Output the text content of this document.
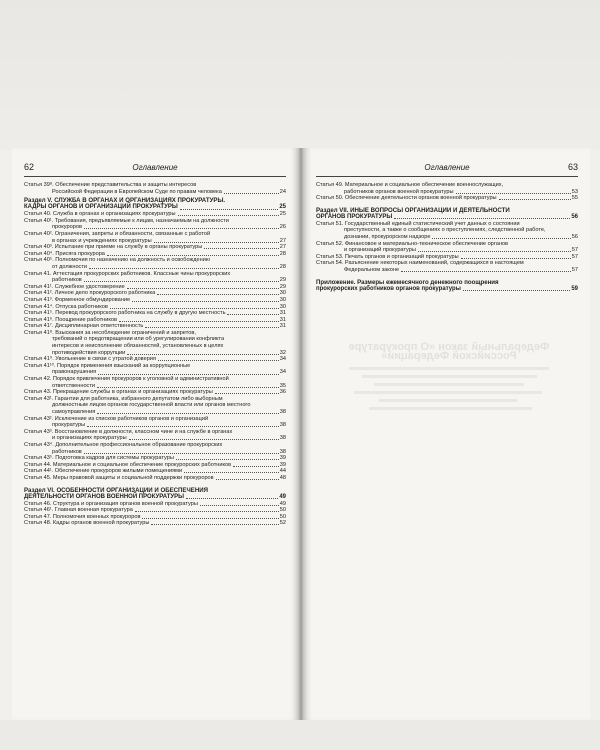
62	Оглавление
Статья 39⁸. Обеспечение представительства и защиты интересов
Российской Федерации в Европейском Суде по правам человека	24
Раздел V. СЛУЖБА В ОРГАНАХ И ОРГАНИЗАЦИЯХ ПРОКУРАТУРЫ.
КАДРЫ ОРГАНОВ И ОРГАНИЗАЦИЙ ПРОКУРАТУРЫ	25
Статья 40. Служба в органах и организациях прокуратуры	25
Статья 40¹. Требования, предъявляемые к лицам, назначаемым на должности
прокуроров	26
Статья 40². Ограничения, запреты и обязанности, связанные с работой
в органах и учреждениях прокуратуры	27
Статья 40³. Испытание при приеме на службу в органы прокуратуры	27
Статья 40⁴. Присяга прокурора	28
Статья 40⁵. Полномочия по назначению на должность и освобождению
от должности	28
Статья 41. Аттестация прокурорских работников. Классные чины прокурорских
работников	29
Статья 41¹. Служебное удостоверение	29
Статья 41². Личное дело прокурорского работника	30
Статья 41³. Форменное обмундирование	30
Статья 41⁴. Отпуска работников	30
Статья 41⁵. Перевод прокурорского работника на службу в другую местность	31
Статья 41⁶. Поощрение работников	31
Статья 41⁷. Дисциплинарная ответственность	31
Статья 41⁸. Взыскания за несоблюдение ограничений и запретов,
требований о предотвращении или об урегулировании конфликта
интересов и неисполнение обязанностей, установленных в целях
противодействия коррупции	32
Статья 41⁹. Увольнение в связи с утратой доверия	34
Статья 41¹⁰. Порядок применения взысканий за коррупционные
правонарушения	34
Статья 42. Порядок привлечения прокуроров к уголовной и административной
ответственности	35
Статья 43. Прекращение службы в органах и организациях прокуратуры	36
Статья 43¹. Гарантии для работника, избранного депутатом либо выборным
должностным лицом органов государственной власти или органов местного
самоуправления	38
Статья 43². Исключение из списков работников органов и организаций
прокуратуры	38
Статья 43³. Восстановление в должности, классном чине и на службе в органах
и организациях прокуратуры	38
Статья 43⁴. Дополнительное профессиональное образование прокурорских
работников	38
Статья 43⁵. Подготовка кадров для системы прокуратуры	39
Статья 44. Материальное и социальное обеспечение прокурорских работников	39
Статья 44¹. Обеспечение прокуроров жилыми помещениями	44
Статья 45. Меры правовой защиты и социальной поддержки прокуроров	48
Раздел VI. ОСОБЕННОСТИ ОРГАНИЗАЦИИ И ОБЕСПЕЧЕНИЯ
ДЕЯТЕЛЬНОСТИ ОРГАНОВ ВОЕННОЙ ПРОКУРАТУРЫ	49
Статья 46. Структура и организация органов военной прокуратуры	49
Статья 46¹. Главная военная прокуратура	50
Статья 47. Полномочия военных прокуроров	50
Статья 48. Кадры органов военной прокуратуры	52
Оглавление	63
Статья 49. Материальное и социальное обеспечение военнослужащих,
работников органов военной прокуратуры	53
Статья 50. Обеспечение деятельности органов военной прокуратуры	55
Раздел VII. ИНЫЕ ВОПРОСЫ ОРГАНИЗАЦИИ И ДЕЯТЕЛЬНОСТИ
ОРГАНОВ ПРОКУРАТУРЫ	56
Статья 51. Государственный единый статистический учет данных о состоянии
преступности, а также о сообщениях о преступлениях, следственной работе,
дознании, прокурорском надзоре	56
Статья 52. Финансовое и материально-техническое обеспечение органов
и организаций прокуратуры	57
Статья 53. Печать органов и организаций прокуратуры	57
Статья 54. Разъяснение некоторых наименований, содержащихся в настоящем
Федеральном законе	57
Приложение. Размеры ежемесячного денежного поощрения
прокурорских работников органов прокуратуры	59
Федеральный закон «О прокуратуре Российской Федерации»
